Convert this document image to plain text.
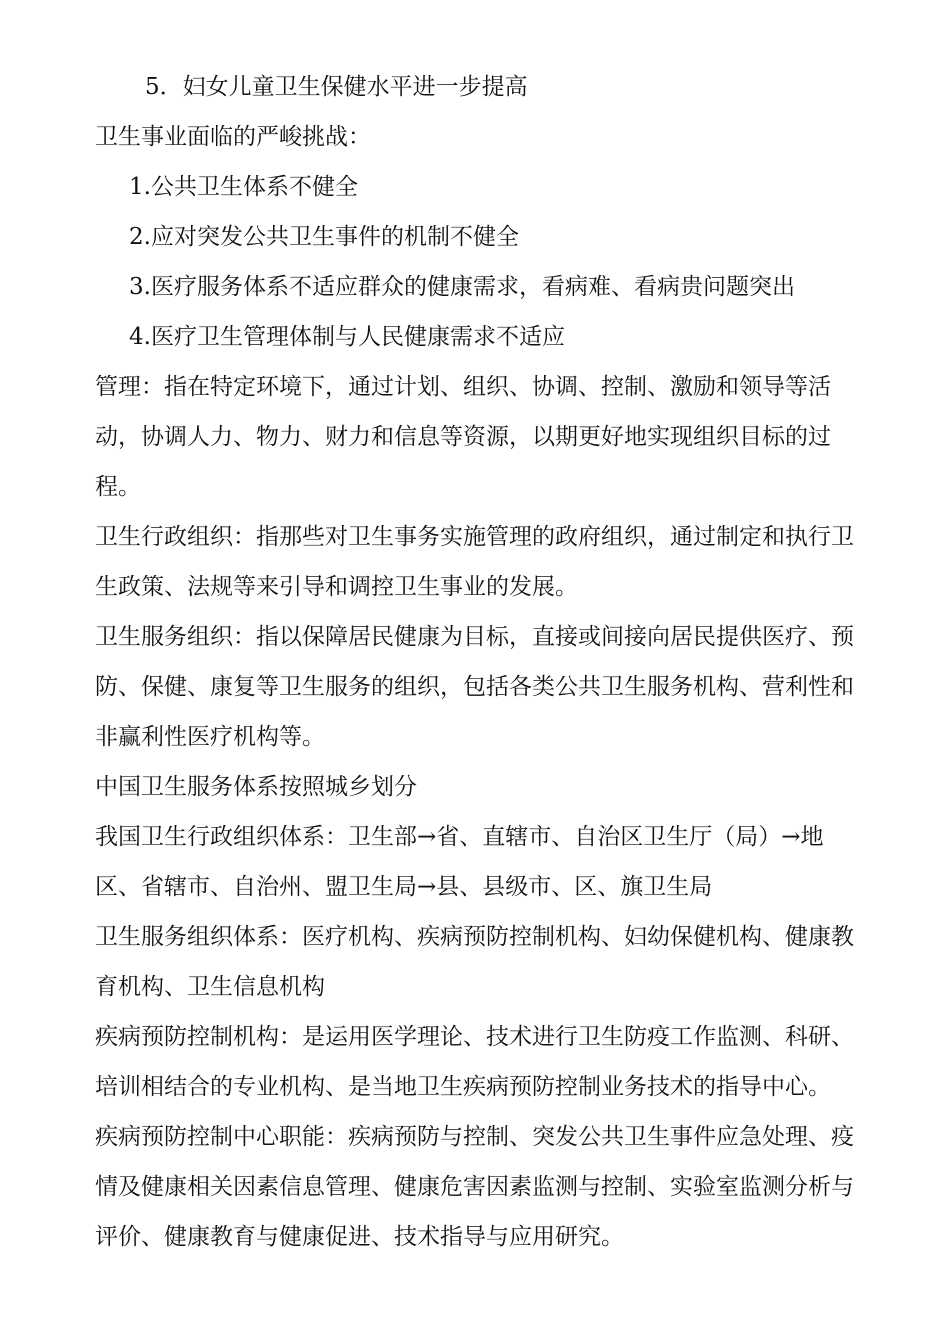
5．妇女儿童卫生保健水平进一步提高

卫生事业面临的严峻挑战：

1.公共卫生体系不健全

2.应对突发公共卫生事件的机制不健全

3.医疗服务体系不适应群众的健康需求，看病难、看病贵问题突出

4.医疗卫生管理体制与人民健康需求不适应

管理：指在特定环境下，通过计划、组织、协调、控制、激励和领导等活动，协调人力、物力、财力和信息等资源，以期更好地实现组织目标的过程。

卫生行政组织：指那些对卫生事务实施管理的政府组织，通过制定和执行卫生政策、法规等来引导和调控卫生事业的发展。

卫生服务组织：指以保障居民健康为目标，直接或间接向居民提供医疗、预防、保健、康复等卫生服务的组织，包括各类公共卫生服务机构、营利性和非赢利性医疗机构等。

中国卫生服务体系按照城乡划分

我国卫生行政组织体系：卫生部→省、直辖市、自治区卫生厅（局）→地区、省辖市、自治州、盟卫生局→县、县级市、区、旗卫生局

卫生服务组织体系：医疗机构、疾病预防控制机构、妇幼保健机构、健康教育机构、卫生信息机构

疾病预防控制机构：是运用医学理论、技术进行卫生防疫工作监测、科研、培训相结合的专业机构、是当地卫生疾病预防控制业务技术的指导中心。

疾病预防控制中心职能：疾病预防与控制、突发公共卫生事件应急处理、疫情及健康相关因素信息管理、健康危害因素监测与控制、实验室监测分析与评价、健康教育与健康促进、技术指导与应用研究。
